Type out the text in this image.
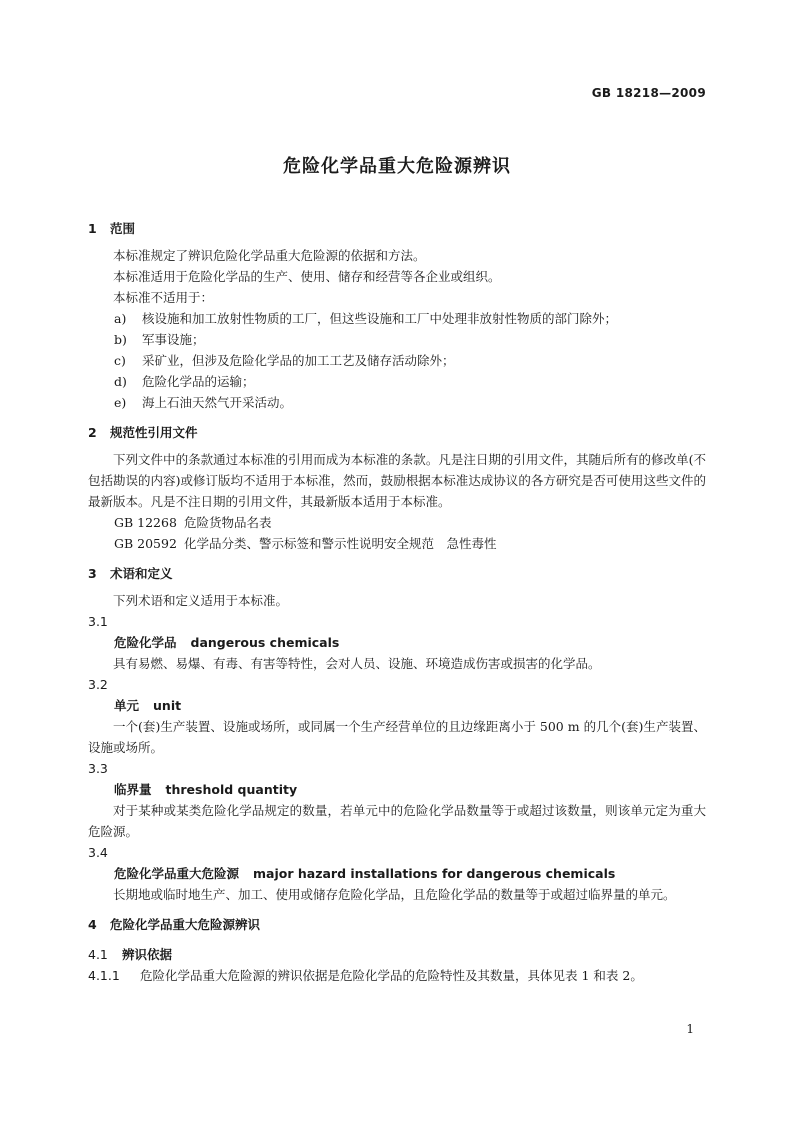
GB 18218—2009
危险化学品重大危险源辨识
1 范围
本标准规定了辨识危险化学品重大危险源的依据和方法。
本标准适用于危险化学品的生产、使用、储存和经营等各企业或组织。
本标准不适用于：
a) 核设施和加工放射性物质的工厂，但这些设施和工厂中处理非放射性物质的部门除外；
b) 军事设施；
c) 采矿业，但涉及危险化学品的加工工艺及储存活动除外；
d) 危险化学品的运输；
e) 海上石油天然气开采活动。
2 规范性引用文件
下列文件中的条款通过本标准的引用而成为本标准的条款。凡是注日期的引用文件，其随后所有的修改单(不包括勘误的内容)或修订版均不适用于本标准，然而，鼓励根据本标准达成协议的各方研究是否可使用这些文件的最新版本。凡是不注日期的引用文件，其最新版本适用于本标准。
GB 12268 危险货物品名表
GB 20592 化学品分类、警示标签和警示性说明安全规范　急性毒性
3 术语和定义
下列术语和定义适用于本标准。
3.1
危险化学品 dangerous chemicals
具有易燃、易爆、有毒、有害等特性，会对人员、设施、环境造成伤害或损害的化学品。
3.2
单元 unit
一个(套)生产装置、设施或场所，或同属一个生产经营单位的且边缘距离小于 500 m 的几个(套)生产装置、设施或场所。
3.3
临界量 threshold quantity
对于某种或某类危险化学品规定的数量，若单元中的危险化学品数量等于或超过该数量，则该单元定为重大危险源。
3.4
危险化学品重大危险源 major hazard installations for dangerous chemicals
长期地或临时地生产、加工、使用或储存危险化学品，且危险化学品的数量等于或超过临界量的单元。
4 危险化学品重大危险源辨识
4.1 辨识依据
4.1.1 危险化学品重大危险源的辨识依据是危险化学品的危险特性及其数量，具体见表 1 和表 2。
1
